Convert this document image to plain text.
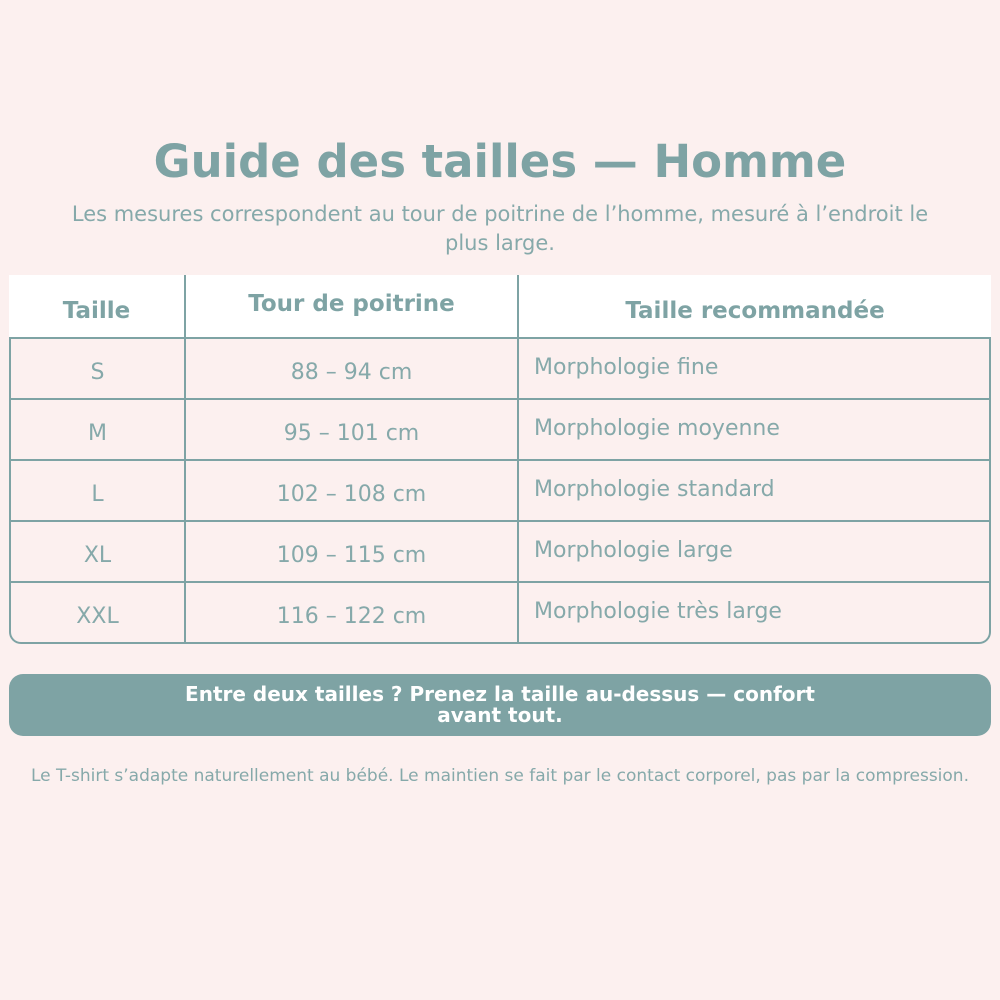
Guide des tailles — Homme

Les mesures correspondent au tour de poitrine de l’homme, mesuré à l’endroit le plus large.

Taille	Tour de poitrine	Taille recommandée
S	88 – 94 cm	Morphologie fine
M	95 – 101 cm	Morphologie moyenne
L	102 – 108 cm	Morphologie standard
XL	109 – 115 cm	Morphologie large
XXL	116 – 122 cm	Morphologie très large
Entre deux tailles ? Prenez la taille au-dessus — confort avant tout.

Le T-shirt s’adapte naturellement au bébé. Le maintien se fait par le contact corporel, pas par la compression.
